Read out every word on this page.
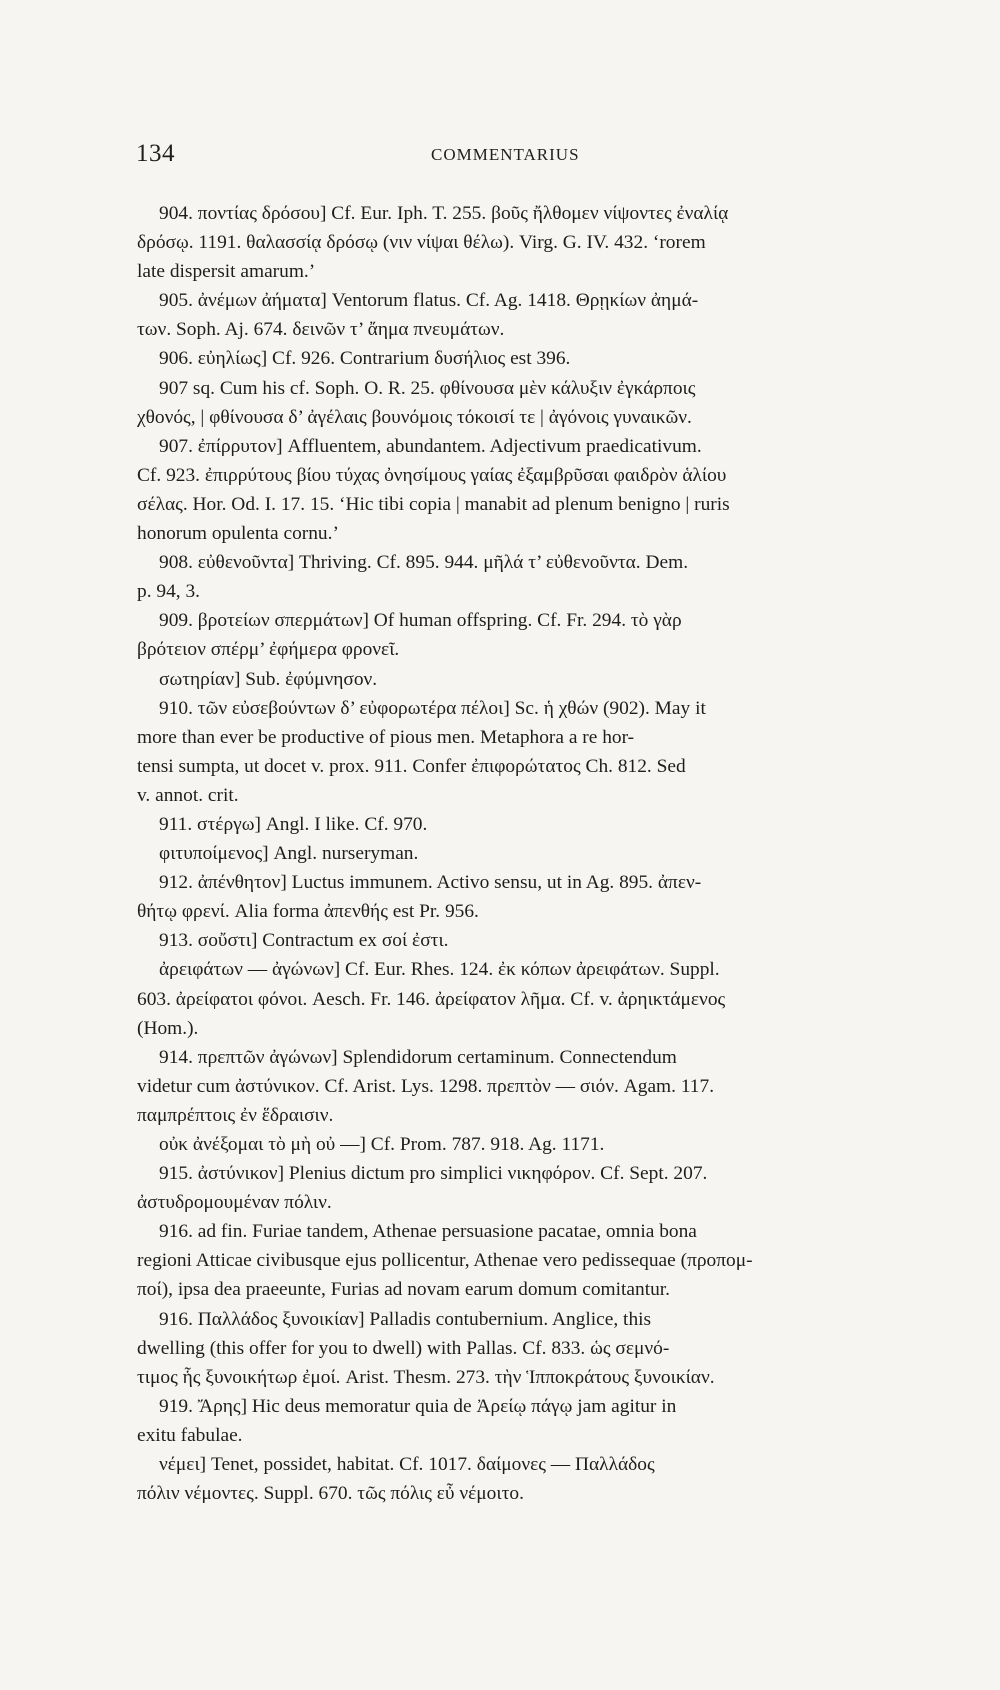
134	COMMENTARIUS
904. ποντίας δρόσου] Cf. Eur. Iph. T. 255. βοῦς ἤλθομεν νίψοντες ἐναλίᾳ
δρόσῳ. 1191. θαλασσίᾳ δρόσῳ (νιν νίψαι θέλω). Virg. G. IV. 432. ‘rorem
late dispersit amarum.’
905. ἀνέμων ἀήματα] Ventorum flatus. Cf. Ag. 1418. Θρῃκίων ἀημά-
των. Soph. Aj. 674. δεινῶν τ’ ἄημα πνευμάτων.
906. εὐηλίως] Cf. 926. Contrarium δυσήλιος est 396.
907 sq. Cum his cf. Soph. O. R. 25. φθίνουσα μὲν κάλυξιν ἐγκάρποις
χθονός, | φθίνουσα δ’ ἀγέλαις βουνόμοις τόκοισί τε | ἀγόνοις γυναικῶν.
907. ἐπίρρυτον] Affluentem, abundantem. Adjectivum praedicativum.
Cf. 923. ἐπιρρύτους βίου τύχας ὀνησίμους γαίας ἐξαμβρῦσαι φαιδρὸν ἁλίου
σέλας. Hor. Od. I. 17. 15. ‘Hic tibi copia | manabit ad plenum benigno | ruris
honorum opulenta cornu.’
908. εὐθενοῦντα] Thriving. Cf. 895. 944. μῆλά τ’ εὐθενοῦντα. Dem.
p. 94, 3.
909. βροτείων σπερμάτων] Of human offspring. Cf. Fr. 294. τὸ γὰρ
βρότειον σπέρμ’ ἐφήμερα φρονεῖ.
σωτηρίαν] Sub. ἐφύμνησον.
910. τῶν εὐσεβούντων δ’ εὐφορωτέρα πέλοι] Sc. ἡ χθών (902). May it
more than ever be productive of pious men. Metaphora a re hor-
tensi sumpta, ut docet v. prox. 911. Confer ἐπιφορώτατος Ch. 812. Sed
v. annot. crit.
911. στέργω] Angl. I like. Cf. 970.
φιτυποίμενος] Angl. nurseryman.
912. ἀπένθητον] Luctus immunem. Activo sensu, ut in Ag. 895. ἀπεν-
θήτῳ φρενί. Alia forma ἀπενθής est Pr. 956.
913. σοὔστι] Contractum ex σοί ἐστι.
ἀρειφάτων — ἀγώνων] Cf. Eur. Rhes. 124. ἐκ κόπων ἀρειφάτων. Suppl.
603. ἀρείφατοι φόνοι. Aesch. Fr. 146. ἀρείφατον λῆμα. Cf. v. ἀρηικτάμενος
(Hom.).
914. πρεπτῶν ἀγώνων] Splendidorum certaminum. Connectendum
videtur cum ἀστύνικον. Cf. Arist. Lys. 1298. πρεπτὸν — σιόν. Agam. 117.
παμπρέπτοις ἐν ἕδραισιν.
οὐκ ἀνέξομαι τὸ μὴ οὐ —] Cf. Prom. 787. 918. Ag. 1171.
915. ἀστύνικον] Plenius dictum pro simplici νικηφόρον. Cf. Sept. 207.
ἀστυδρομουμέναν πόλιν.
916. ad fin. Furiae tandem, Athenae persuasione pacatae, omnia bona
regioni Atticae civibusque ejus pollicentur, Athenae vero pedissequae (προπομ-
ποί), ipsa dea praeeunte, Furias ad novam earum domum comitantur.
916. Παλλάδος ξυνοικίαν] Palladis contubernium. Anglice, this
dwelling (this offer for you to dwell) with Pallas. Cf. 833. ὡς σεμνό-
τιμος ἧς ξυνοικήτωρ ἐμοί. Arist. Thesm. 273. τὴν Ἱπποκράτους ξυνοικίαν.
919. Ἄρης] Hic deus memoratur quia de Ἀρείῳ πάγῳ jam agitur in
exitu fabulae.
νέμει] Tenet, possidet, habitat. Cf. 1017. δαίμονες — Παλλάδος
πόλιν νέμοντες. Suppl. 670. τῶς πόλις εὖ νέμοιτο.
